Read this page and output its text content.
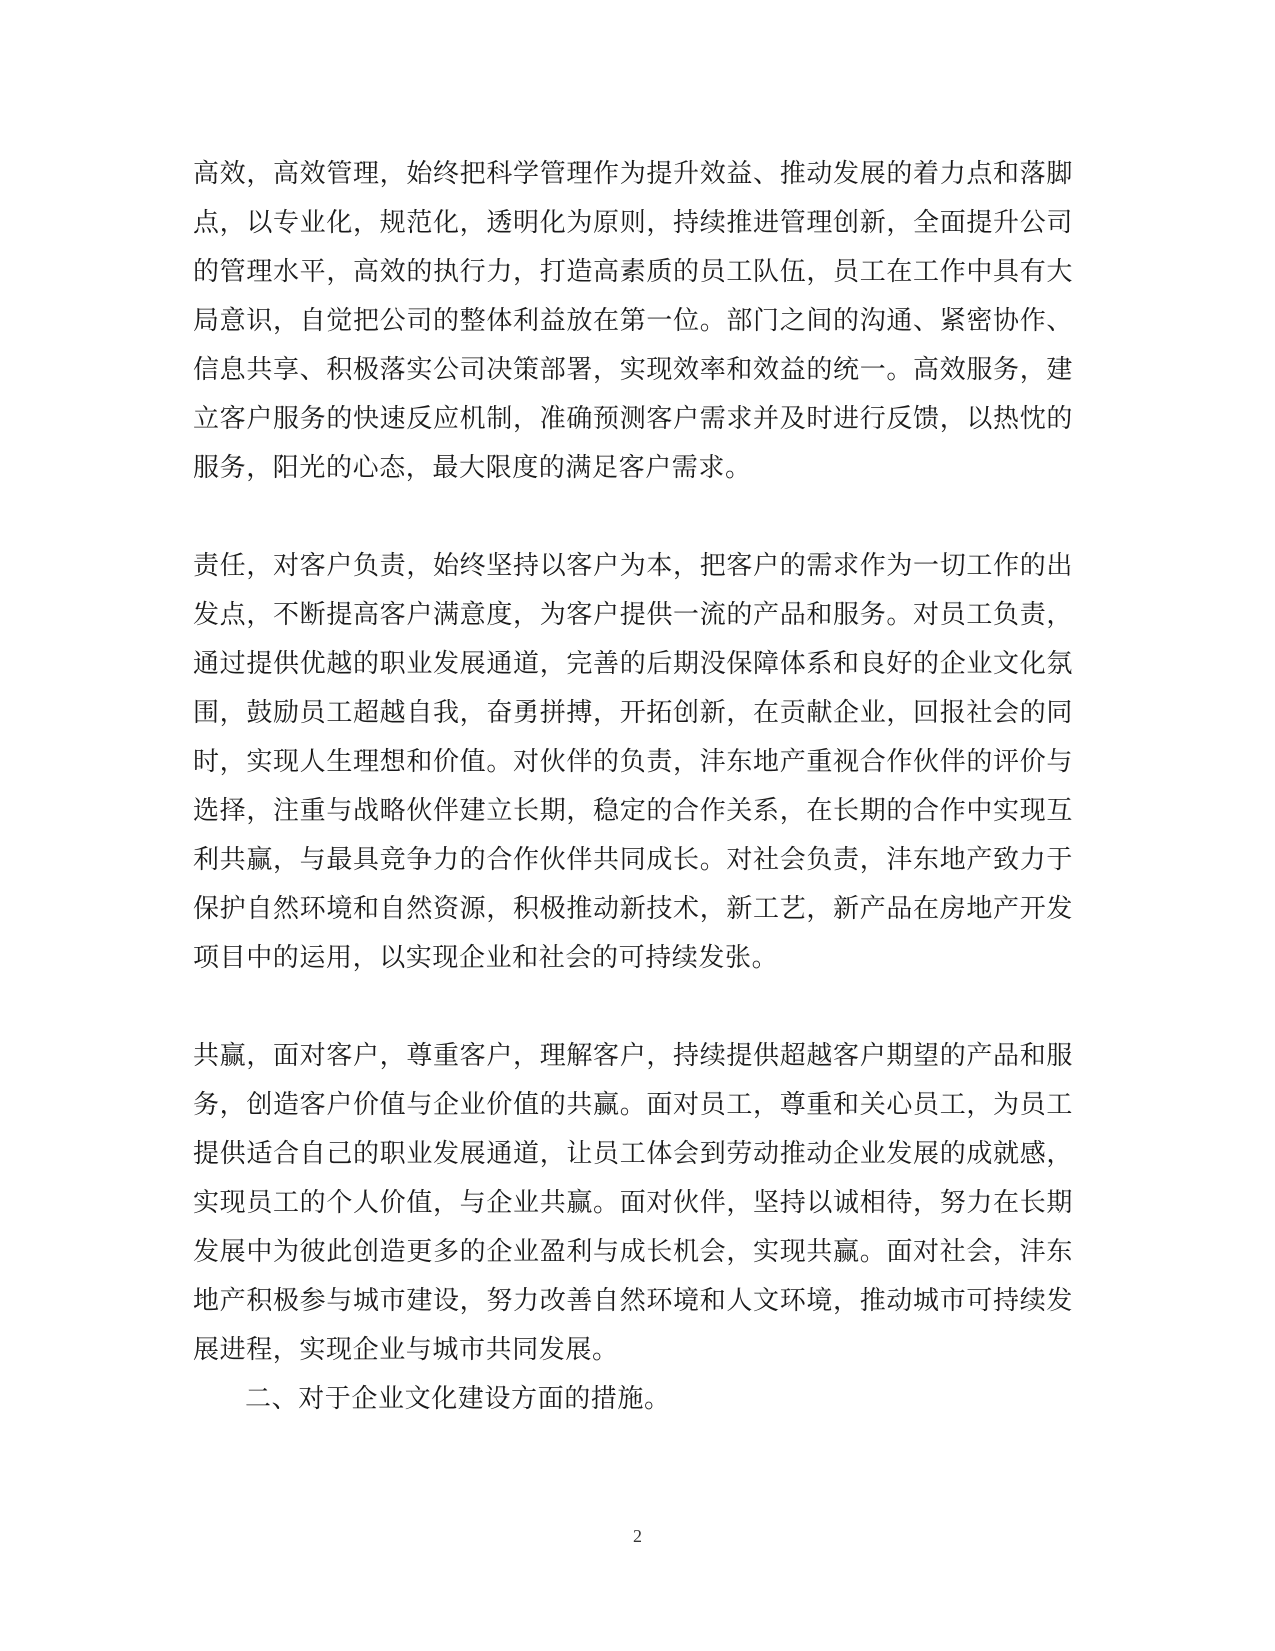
高效，高效管理，始终把科学管理作为提升效益、推动发展的着力点和落脚点，以专业化，规范化，透明化为原则，持续推进管理创新，全面提升公司的管理水平，高效的执行力，打造高素质的员工队伍，员工在工作中具有大局意识，自觉把公司的整体利益放在第一位。部门之间的沟通、紧密协作、信息共享、积极落实公司决策部署，实现效率和效益的统一。高效服务，建立客户服务的快速反应机制，准确预测客户需求并及时进行反馈，以热忱的服务，阳光的心态，最大限度的满足客户需求。

责任，对客户负责，始终坚持以客户为本，把客户的需求作为一切工作的出发点，不断提高客户满意度，为客户提供一流的产品和服务。对员工负责，通过提供优越的职业发展通道，完善的后期没保障体系和良好的企业文化氛围，鼓励员工超越自我，奋勇拼搏，开拓创新，在贡献企业，回报社会的同时，实现人生理想和价值。对伙伴的负责，沣东地产重视合作伙伴的评价与选择，注重与战略伙伴建立长期，稳定的合作关系，在长期的合作中实现互利共赢，与最具竞争力的合作伙伴共同成长。对社会负责，沣东地产致力于保护自然环境和自然资源，积极推动新技术，新工艺，新产品在房地产开发项目中的运用，以实现企业和社会的可持续发张。

共赢，面对客户，尊重客户，理解客户，持续提供超越客户期望的产品和服务，创造客户价值与企业价值的共赢。面对员工，尊重和关心员工，为员工提供适合自己的职业发展通道，让员工体会到劳动推动企业发展的成就感，实现员工的个人价值，与企业共赢。面对伙伴，坚持以诚相待，努力在长期发展中为彼此创造更多的企业盈利与成长机会，实现共赢。面对社会，沣东地产积极参与城市建设，努力改善自然环境和人文环境，推动城市可持续发展进程，实现企业与城市共同发展。

二、对于企业文化建设方面的措施。

2
